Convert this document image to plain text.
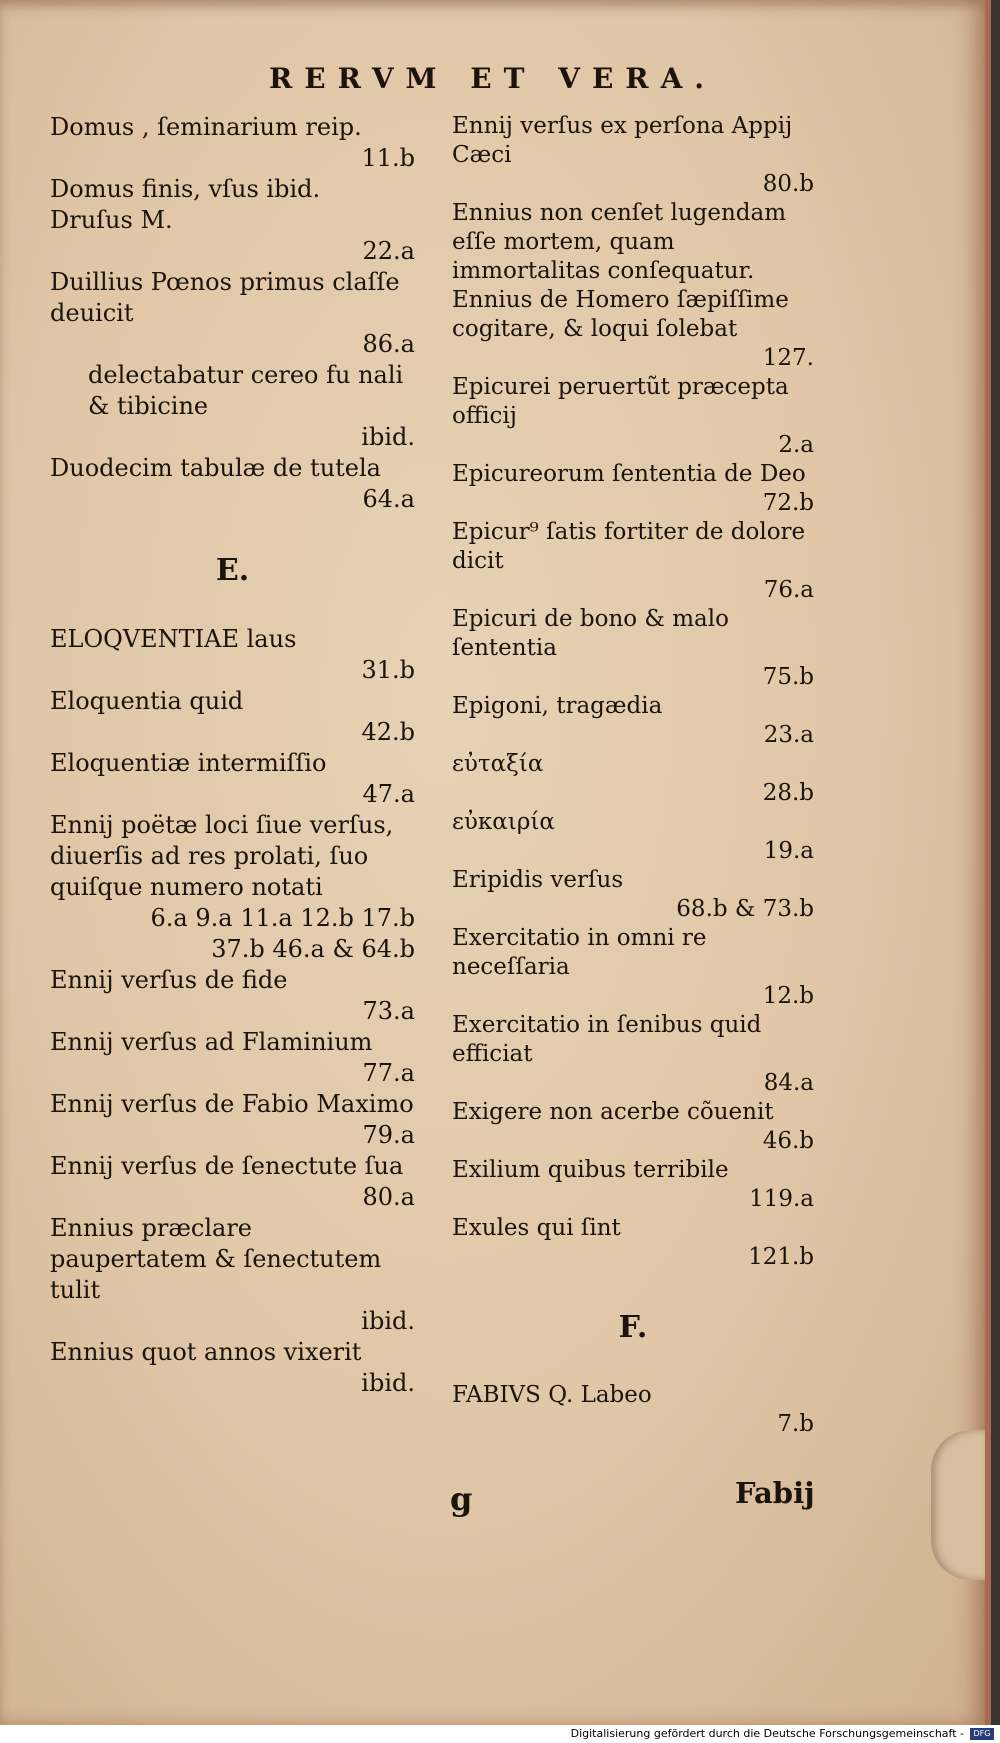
RERVM ET VERA.
Domus , ſeminarium reip.
11.b
Domus finis, vſus ibid.
Druſus M.
22.a
Duillius Pœnos primus claſſe deuicit
86.a
delectabatur cereo fu nali & tibicine
ibid.
Duodecim tabulæ de tutela
64.a
E.
ELOQVENTIAE laus
31.b
Eloquentia quid
42.b
Eloquentiæ intermiſſio
47.a
Ennij poëtæ loci ſiue verſus, diuerſis ad res prolati, ſuo quiſque numero notati
6.a 9.a 11.a 12.b 17.b 37.b 46.a & 64.b
Ennij verſus de fide
73.a
Ennij verſus ad Flaminium
77.a
Ennij verſus de Fabio Maximo
79.a
Ennij verſus de ſenectute ſua
80.a
Ennius præclare paupertatem & ſenectutem tulit
ibid.
Ennius quot annos vixerit
ibid.
Ennij verſus ex perſona Appij Cæci
80.b
Ennius non cenſet lugendam eſſe mortem, quam immortalitas conſequatur.
Ennius de Homero ſæpiſſime cogitare, & loqui ſolebat
127.
Epicurei peruertũt præcepta officij
2.a
Epicureorum ſententia de Deo
72.b
Epicur⁹ ſatis fortiter de dolore dicit
76.a
Epicuri de bono & malo ſententia
75.b
Epigoni, tragædia
23.a
εὐταξία
28.b
εὐκαιρία
19.a
Eripidis verſus
68.b & 73.b
Exercitatio in omni re neceſſaria
12.b
Exercitatio in ſenibus quid efficiat
84.a
Exigere non acerbe cõuenit
46.b
Exilium quibus terribile
119.a
Exules qui ſint
121.b
F.
FABIVS Q. Labeo
7.b
g	Fabij
Digitalisierung gefördert durch die Deutsche Forschungsgemeinschaft -	DFG
